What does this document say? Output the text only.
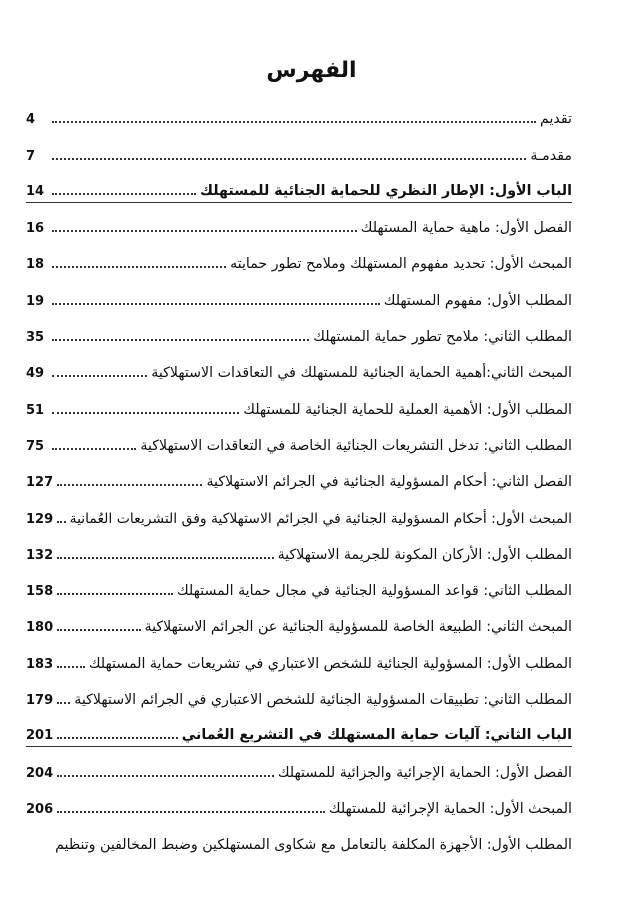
الفهرس
تقديم
4
مقدمـة
7
الباب الأول: الإطار النظري للحماية الجنائية للمستهلك
14
الفصل الأول: ماهية حماية المستهلك
16
المبحث الأول: تحديد مفهوم المستهلك وملامح تطور حمايته
18
المطلب الأول: مفهوم المستهلك
19
المطلب الثاني: ملامح تطور حماية المستهلك
35
المبحث الثاني:أهمية الحماية الجنائية للمستهلك في التعاقدات الاستهلاكية
49
المطلب الأول: الأهمية العملية للحماية الجنائية للمستهلك
51
المطلب الثاني: تدخل التشريعات الجنائية الخاصة في التعاقدات الاستهلاكية
75
الفصل الثاني: أحكام المسؤولية الجنائية في الجرائم الاستهلاكية
127
المبحث الأول: أحكام المسؤولية الجنائية في الجرائم الاستهلاكية وفق التشريعات العُمانية
129
المطلب الأول: الأركان المكونة للجريمة الاستهلاكية
132
المطلب الثاني: قواعد المسؤولية الجنائية في مجال حماية المستهلك
158
المبحث الثاني: الطبيعة الخاصة للمسؤولية الجنائية عن الجرائم الاستهلاكية
180
المطلب الأول: المسؤولية الجنائية للشخص الاعتباري في تشريعات حماية المستهلك
183
المطلب الثاني: تطبيقات المسؤولية الجنائية للشخص الاعتباري في الجرائم الاستهلاكية
179
الباب الثاني: آليات حماية المستهلك في التشريع العُماني
201
الفصل الأول: الحماية الإجرائية والجزائية للمستهلك
204
المبحث الأول: الحماية الإجرائية للمستهلك
206
المطلب الأول: الأجهزة المكلفة بالتعامل مع شكاوى المستهلكين وضبط المخالفين وتنظيم
